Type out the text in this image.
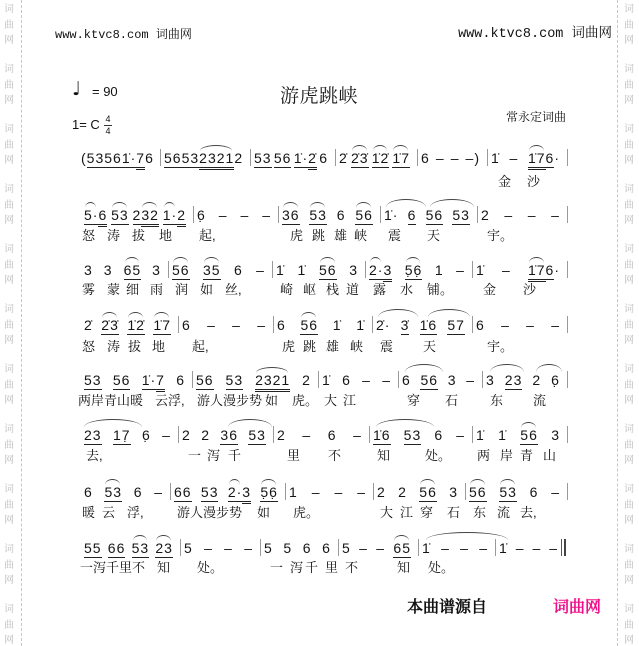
词
曲
网
词
曲
网
词
曲
网
词
曲
网
词
曲
网
词
曲
网
词
曲
网
词
曲
网
词
曲
网
词
曲
网
词
曲
网
词
曲
网
词
曲
网
词
曲
网
词
曲
网
词
曲
网
词
曲
网
词
曲
网
词
曲
网
词
曲
网
词
曲
网
词
曲
网
www.ktvc8.com 词曲网	www.ktvc8.com 词曲网
♩ = 90	游虎跳峡
1= C 4
4
常永定词曲
( 53 56 1̇· 7 6 56 53 2321 2 53 56 1̇· 2̇ 6 2̇ 2̇3̇ 1̇2̇ 1̇7 6 – – –) 1̇ – 1̇7 6 ·
金 沙
5· 6 53 2 32 1· 2 6̣ – – – 36 53 6 56 1̇· 6 56 53 2 – – –
怒 涛 拔 地 起,	虎 跳 雄 峡 震 天	宇。
3 3 65 3 56 35 6 – 1̇ 1̇ 56 3 2· 3 5̣6̣ 1 – 1̇ – 1̇7 6 ·
雾 蒙 细 雨 润 如 丝,	崎 岖 栈 道 露 水 铺。 金 沙
2̇ 2̇3̇ 1̇2̇ 1̇7 6 – – – 6 56 1̇ 1̇ 2̇· 3̇ 1̇6 57 6 – – –
怒 涛 拔 地 起,	虎 跳 雄 峡 震 天	宇。
53 56 1̇· 7 6 56 53 2321 2 1̇ 6 – – 6 56 3 – 3 23 2 6̣
两岸青山暖 云 浮, 游人漫步势 如 虎。 大 江	穿 石 东 流
23 17̣ 6̣ – 2 2 36 53 2 – 6 – 1̇6 53 6 – 1̇ 1̇ 56 3
去,	一 泻 千	里 不	知	处。 两 岸 青 山
6 53 6 – 66 53 2· 3 5̣6̣ 1 – – – 2 2 56 3 56 53 6 –
暖 云 浮,	游人漫步势 如 虎。	大 江 穿 石 东 流 去,
55 66 53 23 5 – – – 5 5 6 6 5 – – 65 1̇ – – – 1̇ – – –
一泻千里不 知 处。	一 泻 千 里 不	知 处。
本曲谱源自	词曲网
